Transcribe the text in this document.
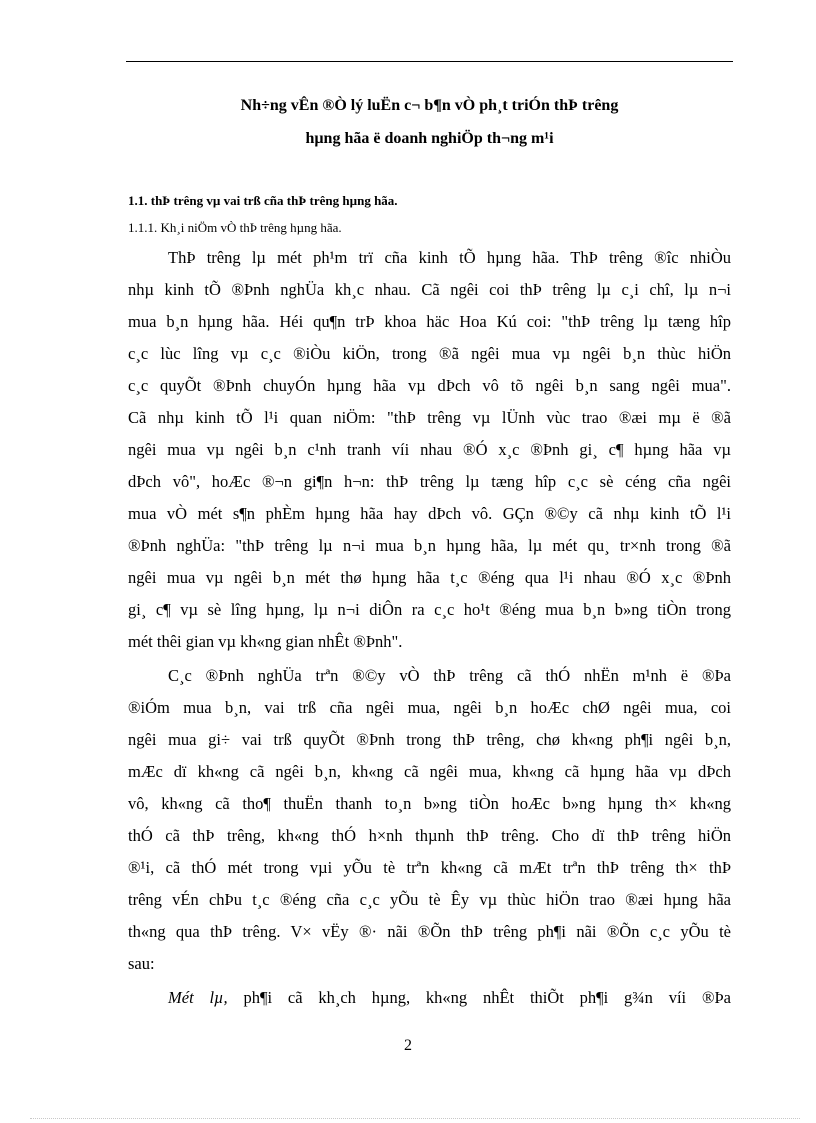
Nh÷ng vÊn ®Ò lý luËn c¬ b¶n vÒ ph¸t triÓn thÞ trêng
hµng hãa ë doanh nghiÖp th¬ng m¹i
1.1. thÞ trêng vµ vai trß cña thÞ trêng hµng hãa.
1.1.1. Kh¸i niÖm vÒ thÞ trêng hµng hãa.
ThÞ trêng lµ mét ph¹m trï cña kinh tÕ hµng hãa. ThÞ trêng ®îc nhiÒu
nhµ kinh tÕ ®Þnh nghÜa kh¸c nhau. Cã ngêi coi thÞ trêng lµ c¸i chî, lµ n¬i
mua b¸n hµng hãa. Héi qu¶n trÞ khoa häc Hoa Kú coi: "thÞ trêng lµ tæng hîp
c¸c lùc lîng vµ c¸c ®iÒu kiÖn, trong ®ã ngêi mua vµ ngêi b¸n thùc hiÖn
c¸c quyÕt ®Þnh chuyÓn hµng hãa vµ dÞch vô tõ ngêi b¸n sang ngêi mua".
Cã nhµ kinh tÕ l¹i quan niÖm: "thÞ trêng vµ lÜnh vùc trao ®æi mµ ë ®ã
ngêi mua vµ ngêi b¸n c¹nh tranh víi nhau ®Ó x¸c ®Þnh gi¸ c¶ hµng hãa vµ
dÞch vô", hoÆc ®¬n gi¶n h¬n: thÞ trêng lµ tæng hîp c¸c sè céng cña ngêi
mua vÒ mét s¶n phÈm hµng hãa hay dÞch vô. GÇn ®©y cã nhµ kinh tÕ l¹i
®Þnh nghÜa: "thÞ trêng lµ n¬i mua b¸n hµng hãa, lµ mét qu¸ tr×nh trong ®ã
ngêi mua vµ ngêi b¸n mét thø hµng hãa t¸c ®éng qua l¹i nhau ®Ó x¸c ®Þnh
gi¸ c¶ vµ sè lîng hµng, lµ n¬i diÔn ra c¸c ho¹t ®éng mua b¸n b»ng tiÒn trong
mét thêi gian vµ kh«ng gian nhÊt ®Þnh".
C¸c ®Þnh nghÜa trªn ®©y vÒ thÞ trêng cã thÓ nhËn m¹nh ë ®Þa
®iÓm mua b¸n, vai trß cña ngêi mua, ngêi b¸n hoÆc chØ ngêi mua, coi
ngêi mua gi÷ vai trß quyÕt ®Þnh trong thÞ trêng, chø kh«ng ph¶i ngêi b¸n,
mÆc dï kh«ng cã ngêi b¸n, kh«ng cã ngêi mua, kh«ng cã hµng hãa vµ dÞch
vô, kh«ng cã tho¶ thuËn thanh to¸n b»ng tiÒn hoÆc b»ng hµng th× kh«ng
thÓ cã thÞ trêng, kh«ng thÓ h×nh thµnh thÞ trêng. Cho dï thÞ trêng hiÖn
®¹i, cã thÓ mét trong vµi yÕu tè trªn kh«ng cã mÆt trªn thÞ trêng th× thÞ
trêng vÉn chÞu t¸c ®éng cña c¸c yÕu tè Êy vµ thùc hiÖn trao ®æi hµng hãa
th«ng qua thÞ trêng. V× vËy ®· nãi ®Õn thÞ trêng ph¶i nãi ®Õn c¸c yÕu tè
sau:
Mét lµ, ph¶i cã kh¸ch hµng, kh«ng nhÊt thiÕt ph¶i g¾n víi ®Þa
2
